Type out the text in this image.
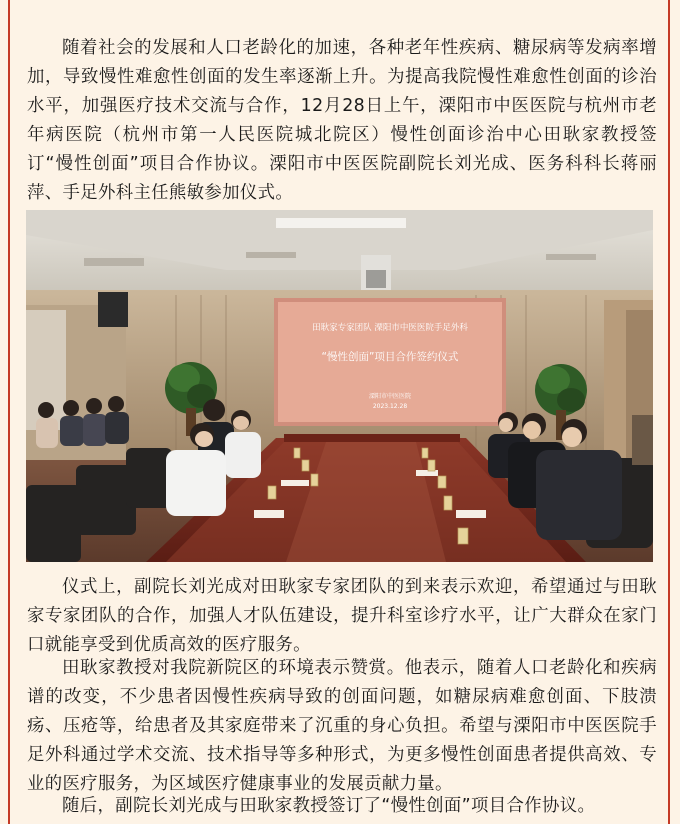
随着社会的发展和人口老龄化的加速，各种老年性疾病、糖尿病等发病率增加，导致慢性难愈性创面的发生率逐渐上升。为提高我院慢性难愈性创面的诊治水平，加强医疗技术交流与合作，12月28日上午，溧阳市中医医院与杭州市老年病医院（杭州市第一人民医院城北院区）慢性创面诊治中心田耿家教授签订“慢性创面”项目合作协议。溧阳市中医医院副院长刘光成、医务科科长蒋丽萍、手足外科主任熊敏参加仪式。

田耿家专家团队 溧阳市中医医院手足外科
“慢性创面”项目合作签约仪式
溧阳市中医医院
2023.12.28

仪式上，副院长刘光成对田耿家专家团队的到来表示欢迎，希望通过与田耿家专家团队的合作，加强人才队伍建设，提升科室诊疗水平，让广大群众在家门口就能享受到优质高效的医疗服务。

田耿家教授对我院新院区的环境表示赞赏。他表示，随着人口老龄化和疾病谱的改变，不少患者因慢性疾病导致的创面问题，如糖尿病难愈创面、下肢溃疡、压疮等，给患者及其家庭带来了沉重的身心负担。希望与溧阳市中医医院手足外科通过学术交流、技术指导等多种形式，为更多慢性创面患者提供高效、专业的医疗服务，为区域医疗健康事业的发展贡献力量。

随后，副院长刘光成与田耿家教授签订了“慢性创面”项目合作协议。
